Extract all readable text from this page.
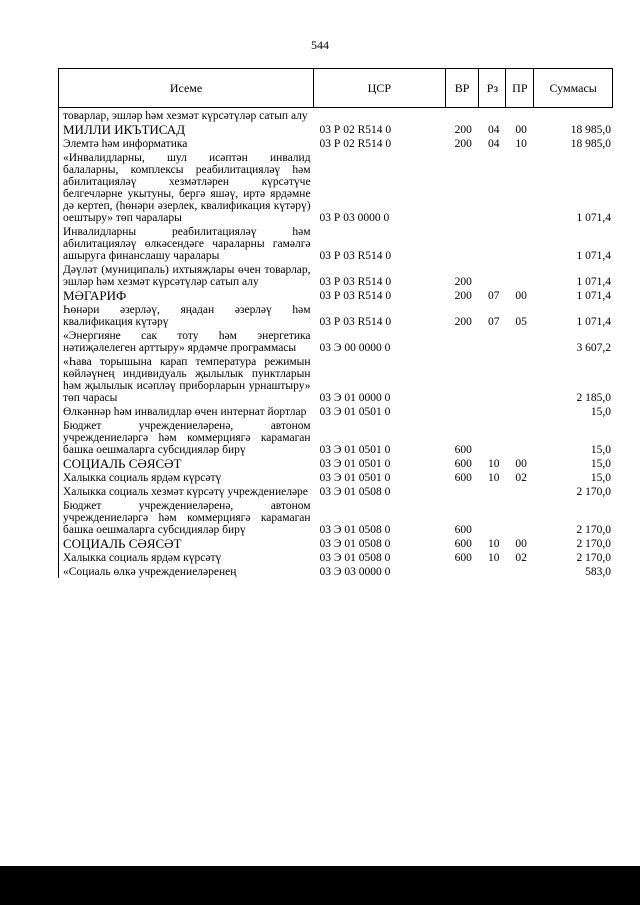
544
Исеме	ЦСР	ВР	Рз	ПР	Суммасы
товарлар, эшләр һәм хезмәт күрсәтүләр сатып алу
МИЛЛИ ИКЪТИСАД	03 Р 02 R514 0	200	04	00	18 985,0
Элемтә һәм информатика	03 Р 02 R514 0	200	04	10	18 985,0
«Инвалидларны, шул исәптән инвалид балаларны, комплексы реабилитацияләү һәм абилитацияләү хезмәтләрен күрсәтүче белгечләрне укытуны, бергә яшәү, иртә ярдәмне дә кертеп, (һөнәри әзерлек, квалификация күтәрү) оештыру» төп чаралары	03 Р 03 0000 0	1 071,4
Инвалидларны реабилитацияләү һәм абилитацияләү өлкәсендәге чараларны гамәлгә ашыруга финанслашу чаралары	03 Р 03 R514 0	1 071,4
Дәүләт (муниципаль) ихтыяҗлары өчен товарлар, эшләр һәм хезмәт күрсәтүләр сатып алу	03 Р 03 R514 0	200	1 071,4
МӘГАРИФ	03 Р 03 R514 0	200	07	00	1 071,4
Һөнәри әзерләү, яңадан әзерләү һәм квалификация күтәрү	03 Р 03 R514 0	200	07	05	1 071,4
«Энергияне сак тоту һәм энергетика нәтиҗәлелеген арттыру» ярдәмче программасы	03 Э 00 0000 0	3 607,2
«Һава торышына карап температура режимын көйләүнең индивидуаль җылылык пунктларын һәм җылылык исәпләү приборларын урнаштыру» төп чарасы	03 Э 01 0000 0	2 185,0
Өлкәннәр һәм инвалидлар өчен интернат йортлар	03 Э 01 0501 0	15,0
Бюджет учреждениеләренә, автоном учреждениеләргә һәм коммерциягә карамаган башка оешмаларга субсидияләр бирү	03 Э 01 0501 0	600	15,0
СОЦИАЛЬ СӘЯСӘТ	03 Э 01 0501 0	600	10	00	15,0
Халыкка социаль ярдәм күрсәтү	03 Э 01 0501 0	600	10	02	15,0
Халыкка социаль хезмәт күрсәтү учреждениеләре	03 Э 01 0508 0	2 170,0
Бюджет учреждениеләренә, автоном учреждениеләргә һәм коммерциягә карамаган башка оешмаларга субсидияләр бирү	03 Э 01 0508 0	600	2 170,0
СОЦИАЛЬ СӘЯСӘТ	03 Э 01 0508 0	600	10	00	2 170,0
Халыкка социаль ярдәм күрсәтү	03 Э 01 0508 0	600	10	02	2 170,0
«Социаль өлкә учреждениеләренең	03 Э 03 0000 0	583,0
